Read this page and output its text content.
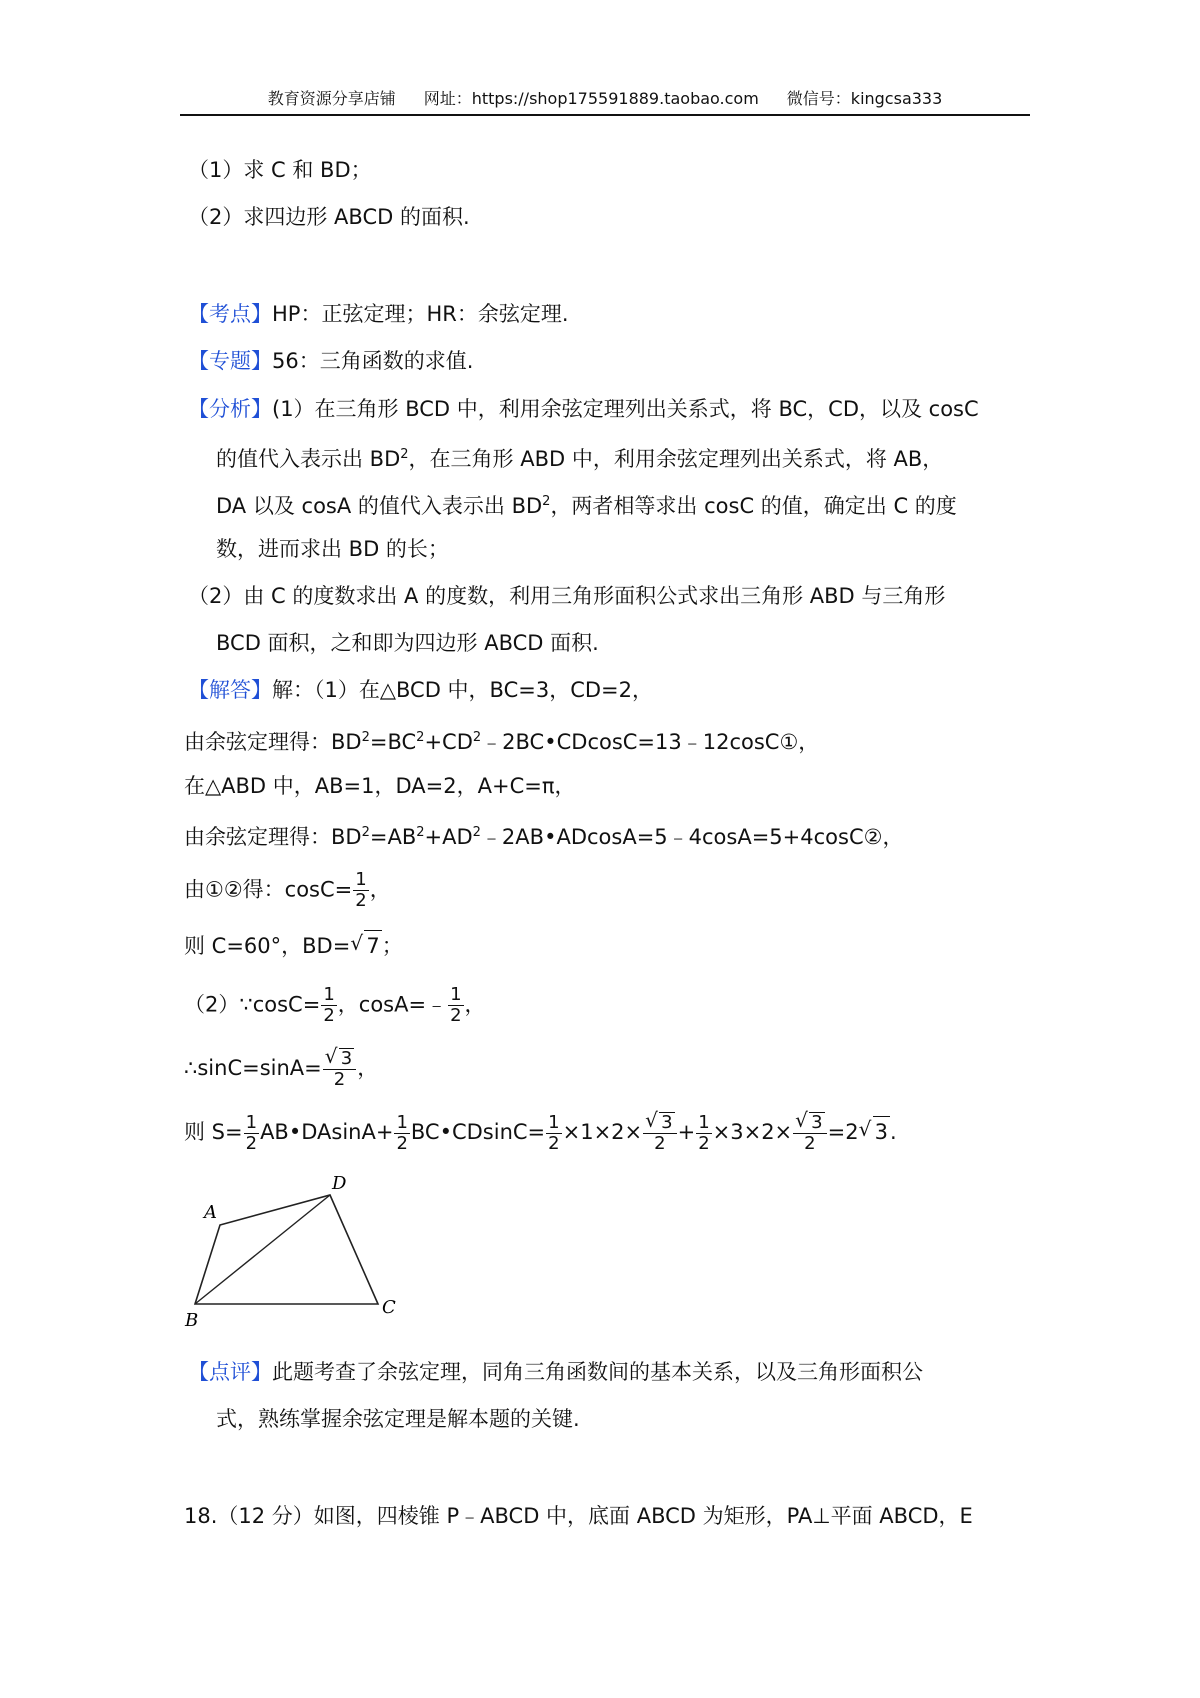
教育资源分享店铺 网址：https://shop175591889.taobao.com 微信号：kingcsa333
（1）求 C 和 BD；
（2）求四边形 ABCD 的面积.
【考点】HP：正弦定理；HR：余弦定理.
【专题】56：三角函数的求值.
【分析】(1）在三角形 BCD 中，利用余弦定理列出关系式，将 BC，CD，以及 cosC
的值代入表示出 $BD^2$，在三角形 ABD 中，利用余弦定理列出关系式，将 AB，
DA 以及 cosA 的值代入表示出 $BD^2$，两者相等求出 cosC 的值，确定出 C 的度
数，进而求出 BD 的长；
（2）由 C 的度数求出 A 的度数，利用三角形面积公式求出三角形 ABD 与三角形
BCD 面积，之和即为四边形 ABCD 面积.
【解答】解：（1）在△BCD 中，BC=3，CD=2，
由余弦定理得：$BD^2=BC^2+CD^2﹣2BC•CDcosC=13﹣12\cos C①$，
在△ABD 中，AB=1，DA=2，A+C=π，
由余弦定理得：$BD^2=AB^2+AD^2﹣2AB•ADcosA=5﹣4\cos A=5+4\cos C②$，
由①②得：$\cos C= \frac{1}{2}$ ，
则 C=60°，BD=√ 7；
（2）∵cosC= $\frac{1}{2}$ ，cosA=﹣ $\frac{1}{2}$ ，
∴sinC=sinA=
√ $\frac{3}{2}$ ，
则 $S= \frac{1}{2}$ AB•DAsinA+ $\frac{1}{2}$ BC•CDsinC= $\frac{1}{2} \times 1\times 2\times$
√ $\frac{3}{2} + \frac{1}{2} \times 3\times 2\times$
√ $\frac{3}{2} =2√$ 3.
A
D
B
C
【点评】此题考查了余弦定理，同角三角函数间的基本关系，以及三角形面积公
式，熟练掌握余弦定理是解本题的关键.
18.（12 分）如图，四棱锥 P﹣ABCD 中，底面 ABCD 为矩形，PA⊥平面 ABCD，E
